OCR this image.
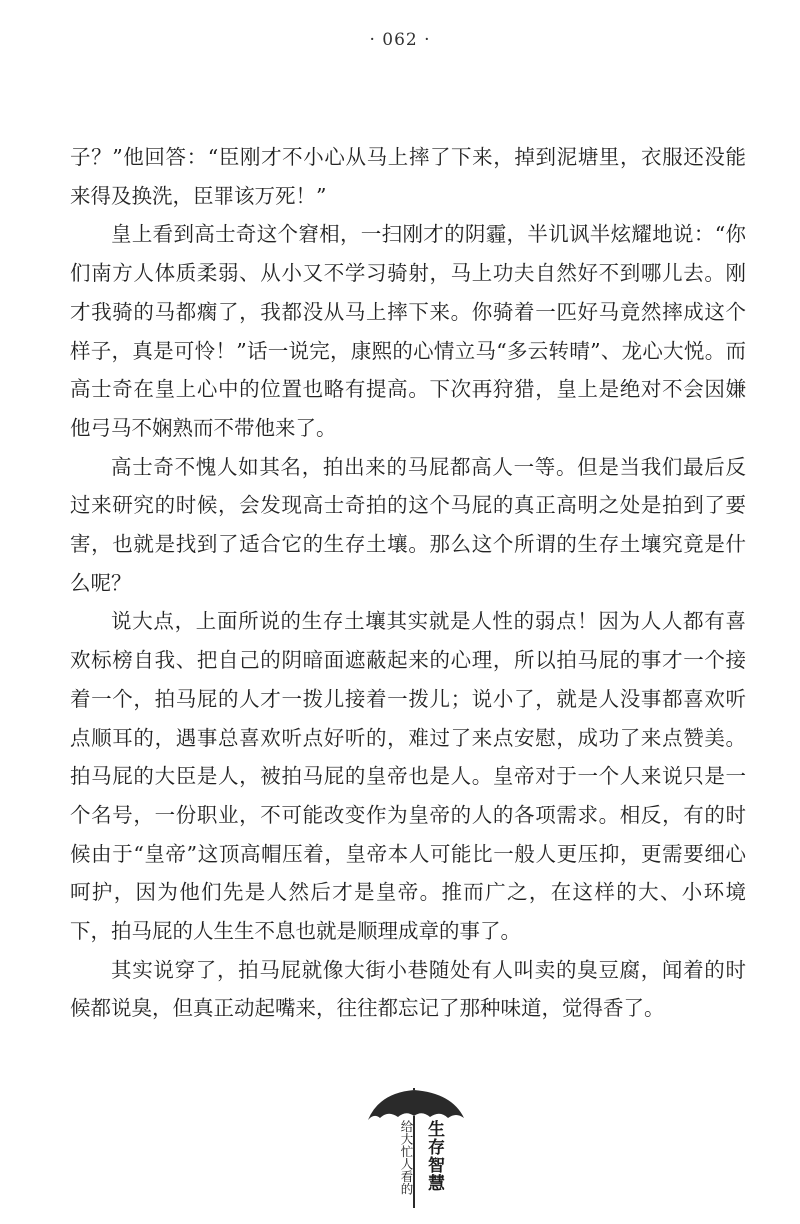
· 062 ·

子？”他回答：“臣刚才不小心从马上摔了下来，掉到泥塘里，衣服还没能来得及换洗，臣罪该万死！”

皇上看到高士奇这个窘相，一扫刚才的阴霾，半讥讽半炫耀地说：“你们南方人体质柔弱、从小又不学习骑射，马上功夫自然好不到哪儿去。刚才我骑的马都瘸了，我都没从马上摔下来。你骑着一匹好马竟然摔成这个样子，真是可怜！”话一说完，康熙的心情立马“多云转晴”、龙心大悦。而高士奇在皇上心中的位置也略有提高。下次再狩猎，皇上是绝对不会因嫌他弓马不娴熟而不带他来了。

高士奇不愧人如其名，拍出来的马屁都高人一等。但是当我们最后反过来研究的时候，会发现高士奇拍的这个马屁的真正高明之处是拍到了要害，也就是找到了适合它的生存土壤。那么这个所谓的生存土壤究竟是什么呢？

说大点，上面所说的生存土壤其实就是人性的弱点！因为人人都有喜欢标榜自我、把自己的阴暗面遮蔽起来的心理，所以拍马屁的事才一个接着一个，拍马屁的人才一拨儿接着一拨儿；说小了，就是人没事都喜欢听点顺耳的，遇事总喜欢听点好听的，难过了来点安慰，成功了来点赞美。拍马屁的大臣是人，被拍马屁的皇帝也是人。皇帝对于一个人来说只是一个名号，一份职业，不可能改变作为皇帝的人的各项需求。相反，有的时候由于“皇帝”这顶高帽压着，皇帝本人可能比一般人更压抑，更需要细心呵护，因为他们先是人然后才是皇帝。推而广之，在这样的大、小环境下，拍马屁的人生生不息也就是顺理成章的事了。

其实说穿了，拍马屁就像大街小巷随处有人叫卖的臭豆腐，闻着的时候都说臭，但真正动起嘴来，往往都忘记了那种味道，觉得香了。

生存智慧
给大忙人看的
